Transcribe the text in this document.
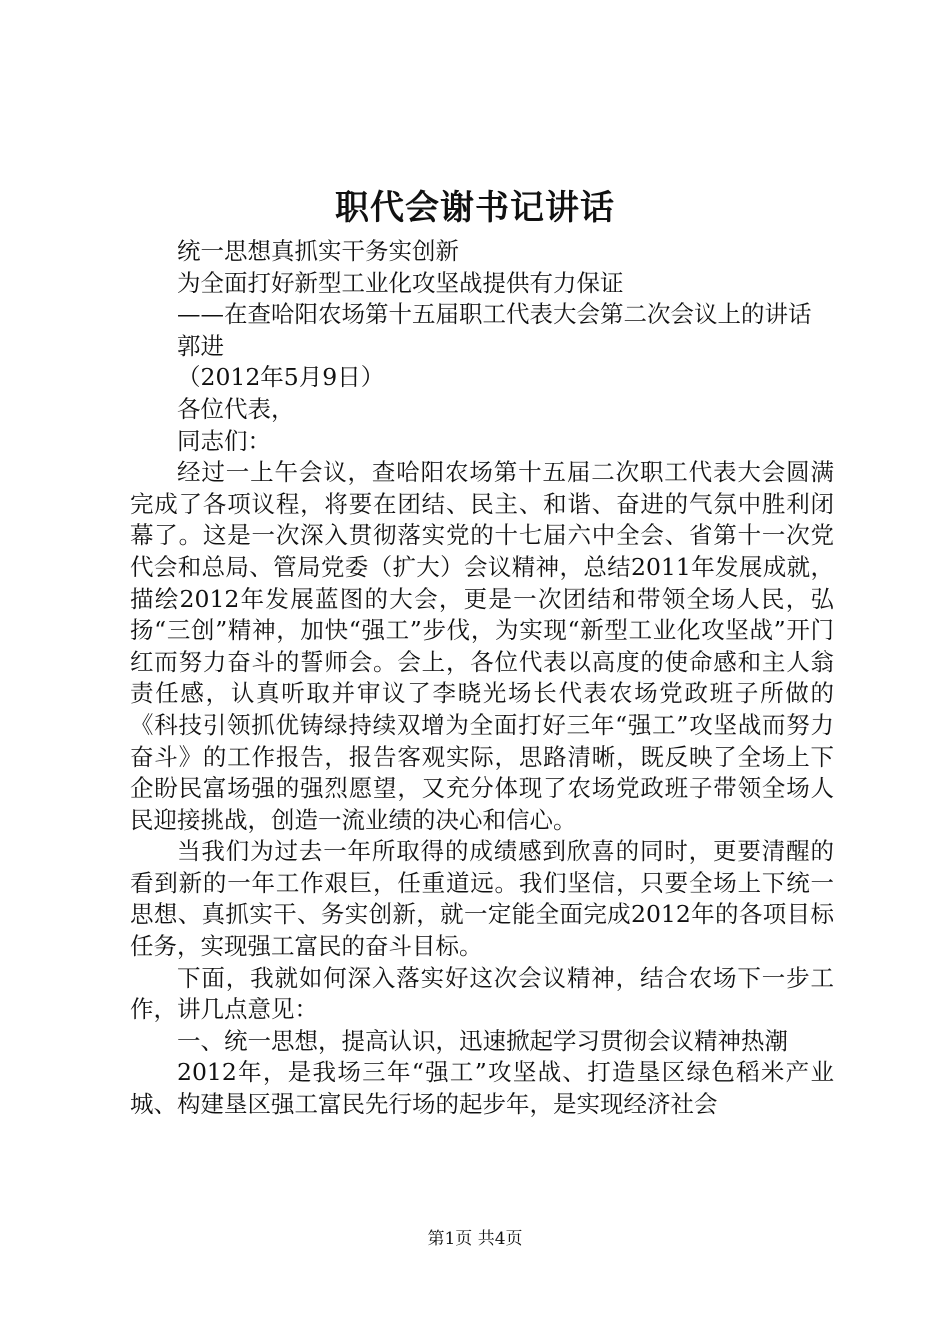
职代会谢书记讲话

统一思想真抓实干务实创新

为全面打好新型工业化攻坚战提供有力保证

——在查哈阳农场第十五届职工代表大会第二次会议上的讲话

郭进

（2012年5月9日）

各位代表，

同志们：

经过一上午会议，查哈阳农场第十五届二次职工代表大会圆满完成了各项议程，将要在团结、民主、和谐、奋进的气氛中胜利闭幕了。这是一次深入贯彻落实党的十七届六中全会、省第十一次党代会和总局、管局党委（扩大）会议精神，总结2011年发展成就，描绘2012年发展蓝图的大会，更是一次团结和带领全场人民，弘扬“三创”精神，加快“强工”步伐，为实现“新型工业化攻坚战”开门红而努力奋斗的誓师会。会上，各位代表以高度的使命感和主人翁责任感，认真听取并审议了李晓光场长代表农场党政班子所做的《科技引领抓优铸绿持续双增为全面打好三年“强工”攻坚战而努力奋斗》的工作报告，报告客观实际，思路清晰，既反映了全场上下企盼民富场强的强烈愿望，又充分体现了农场党政班子带领全场人民迎接挑战，创造一流业绩的决心和信心。

当我们为过去一年所取得的成绩感到欣喜的同时，更要清醒的看到新的一年工作艰巨，任重道远。我们坚信，只要全场上下统一思想、真抓实干、务实创新，就一定能全面完成2012年的各项目标任务，实现强工富民的奋斗目标。

下面，我就如何深入落实好这次会议精神，结合农场下一步工作，讲几点意见：

一、统一思想，提高认识，迅速掀起学习贯彻会议精神热潮

2012年，是我场三年“强工”攻坚战、打造垦区绿色稻米产业城、构建垦区强工富民先行场的起步年，是实现经济社会

第1页 共4页
